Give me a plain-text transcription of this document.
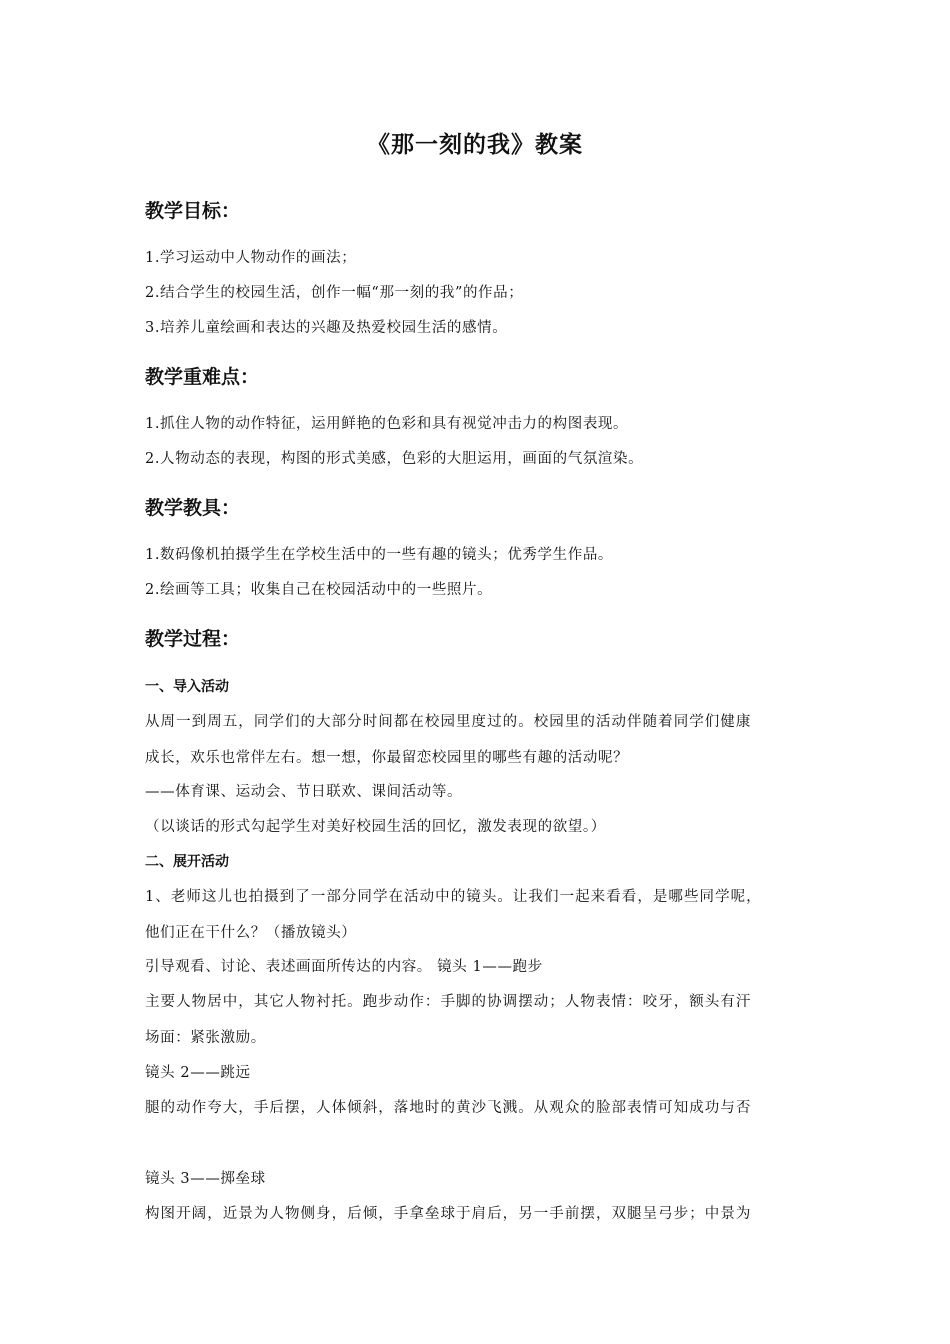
《那一刻的我》教案
教学目标：
1.学习运动中人物动作的画法；
2.结合学生的校园生活，创作一幅“那一刻的我”的作品；
3.培养儿童绘画和表达的兴趣及热爱校园生活的感情。
教学重难点：
1.抓住人物的动作特征，运用鲜艳的色彩和具有视觉冲击力的构图表现。
2.人物动态的表现，构图的形式美感，色彩的大胆运用，画面的气氛渲染。
教学教具：
1.数码像机拍摄学生在学校生活中的一些有趣的镜头；优秀学生作品。
2.绘画等工具；收集自己在校园活动中的一些照片。
教学过程：
一、导入活动
从周一到周五，同学们的大部分时间都在校园里度过的。校园里的活动伴随着同学们健康
成长，欢乐也常伴左右。想一想，你最留恋校园里的哪些有趣的活动呢？
——体育课、运动会、节日联欢、课间活动等。
（以谈话的形式勾起学生对美好校园生活的回忆，激发表现的欲望。）
二、展开活动
1、老师这儿也拍摄到了一部分同学在活动中的镜头。让我们一起来看看，是哪些同学呢，
他们正在干什么？（播放镜头）
引导观看、讨论、表述画面所传达的内容。 镜头 1——跑步
主要人物居中，其它人物衬托。跑步动作：手脚的协调摆动；人物表情：咬牙，额头有汗
场面：紧张激励。
镜头 2——跳远
腿的动作夸大，手后摆，人体倾斜，落地时的黄沙飞溅。从观众的脸部表情可知成功与否
镜头 3——掷垒球
构图开阔，近景为人物侧身，后倾，手拿垒球于肩后，另一手前摆，双腿呈弓步；中景为
